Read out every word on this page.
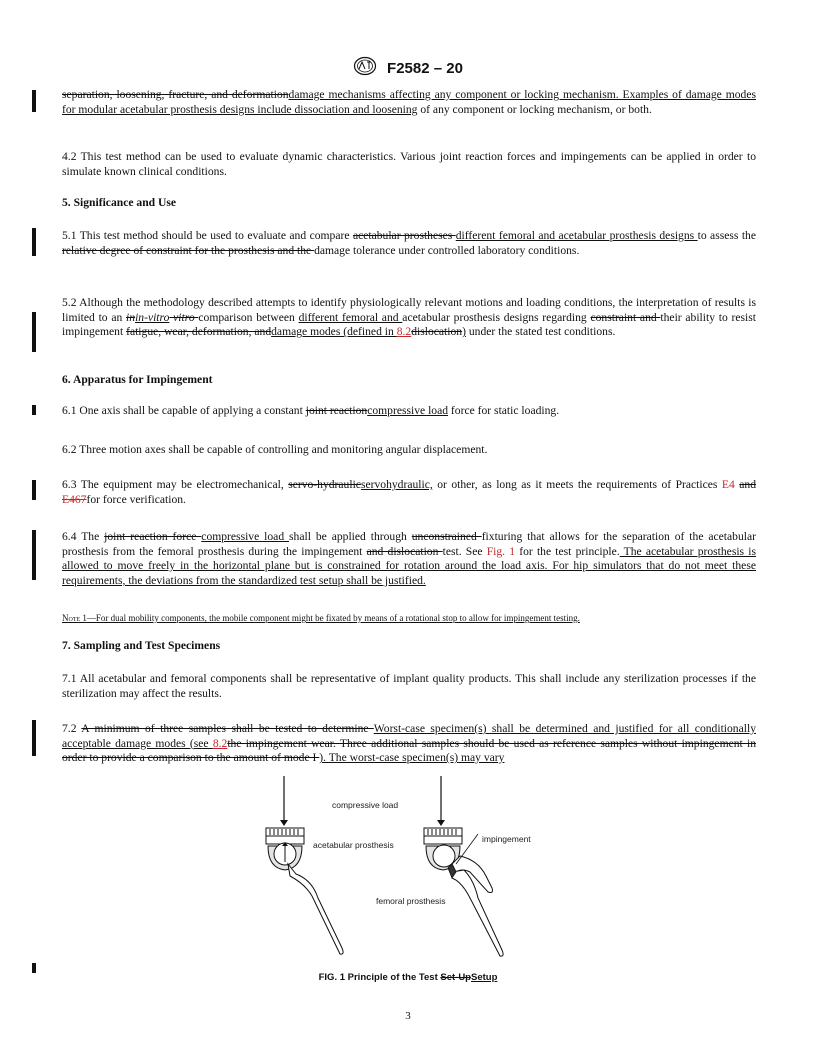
F2582 – 20
separation, loosening, fracture, and deformationdamage mechanisms affecting any component or locking mechanism. Examples of damage modes for modular acetabular prosthesis designs include dissociation and loosening of any component or locking mechanism, or both.
4.2 This test method can be used to evaluate dynamic characteristics. Various joint reaction forces and impingements can be applied in order to simulate known clinical conditions.
5. Significance and Use
5.1 This test method should be used to evaluate and compare acetabular prostheses different femoral and acetabular prosthesis designs to assess the relative degree of constraint for the prosthesis and the damage tolerance under controlled laboratory conditions.
5.2 Although the methodology described attempts to identify physiologically relevant motions and loading conditions, the interpretation of results is limited to an inin-vitro vitro comparison between different femoral and acetabular prosthesis designs regarding constraint and their ability to resist impingement fatigue, wear, deformation, anddamage modes (defined in 8.2dislocation) under the stated test conditions.
6. Apparatus for Impingement
6.1 One axis shall be capable of applying a constant joint reactioncompressive load force for static loading.
6.2 Three motion axes shall be capable of controlling and monitoring angular displacement.
6.3 The equipment may be electromechanical, servo-hydraulicservohydraulic, or other, as long as it meets the requirements of Practices E4 and E467for force verification.
6.4 The joint reaction force compressive load shall be applied through unconstrained fixturing that allows for the separation of the acetabular prosthesis from the femoral prosthesis during the impingement and dislocation test. See Fig. 1 for the test principle. The acetabular prosthesis is allowed to move freely in the horizontal plane but is constrained for rotation around the load axis. For hip simulators that do not meet these requirements, the deviations from the standardized test setup shall be justified.
Note 1—For dual mobility components, the mobile component might be fixated by means of a rotational stop to allow for impingement testing.
7. Sampling and Test Specimens
7.1 All acetabular and femoral components shall be representative of implant quality products. This shall include any sterilization processes if the sterilization may affect the results.
7.2 A minimum of three samples shall be tested to determine Worst-case specimen(s) shall be determined and justified for all conditionally acceptable damage modes (see 8.2the impingement wear. Three additional samples should be used as reference samples without impingement in order to provide a comparison to the amount of mode I ). The worst-case specimen(s) may vary
compressive load
acetabular prosthesis
impingement
femoral prosthesis
FIG. 1 Principle of the Test Set-UpSetup
3
